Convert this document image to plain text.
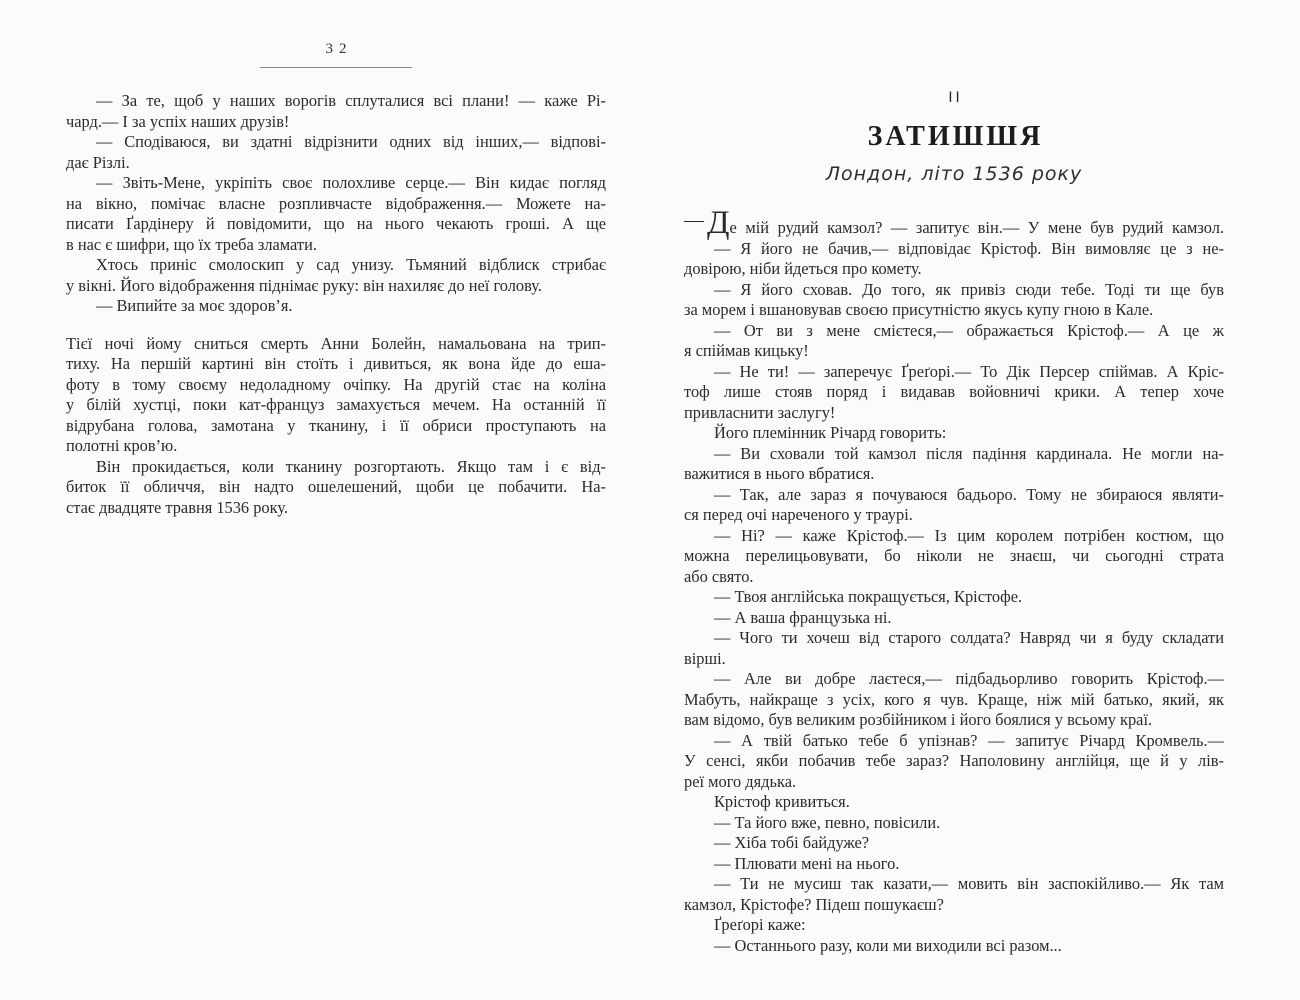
32
— За те, щоб у наших ворогів сплуталися всі плани! — каже Рі-
чард.— І за успіх наших друзів!
— Сподіваюся, ви здатні відрізнити одних від інших,— відпові-
дає Різлі.
— Звіть-Мене, укріпіть своє полохливе серце.— Він кидає погляд
на вікно, помічає власне розпливчасте відображення.— Можете на-
писати Ґардінеру й повідомити, що на нього чекають гроші. А ще
в нас є шифри, що їх треба зламати.
Хтось приніс смолоскип у сад унизу. Тьмяний відблиск стрибає
у вікні. Його відображення піднімає руку: він нахиляє до неї голову.
— Випийте за моє здоров’я.
Тієї ночі йому сниться смерть Анни Болейн, намальована на трип-
тиху. На першій картині він стоїть і дивиться, як вона йде до еша-
фоту в тому своєму недоладному очіпку. На другій стає на коліна
у білій хустці, поки кат-француз замахується мечем. На останній її
відрубана голова, замотана у тканину, і її обриси проступають на
полотні кров’ю.
Він прокидається, коли тканину розгортають. Якщо там і є від-
биток її обличчя, він надто ошелешений, щоби це побачити. На-
стає двадцяте травня 1536 року.
II
ЗАТИШШЯ
Лондон, літо 1536 року
—Де мій рудий камзол? — запитує він.— У мене був рудий камзол.
— Я його не бачив,— відповідає Крістоф. Він вимовляє це з не-
довірою, ніби йдеться про комету.
— Я його сховав. До того, як привіз сюди тебе. Тоді ти ще був
за морем і вшановував своєю присутністю якусь купу гною в Кале.
— От ви з мене смієтеся,— ображається Крістоф.— А це ж
я спіймав кицьку!
— Не ти! — заперечує Ґреґорі.— То Дік Персер спіймав. А Кріс-
тоф лише стояв поряд і видавав войовничі крики. А тепер хоче
привласнити заслугу!
Його племінник Річард говорить:
— Ви сховали той камзол після падіння кардинала. Не могли на-
важитися в нього вбратися.
— Так, але зараз я почуваюся бадьоро. Тому не збираюся являти-
ся перед очі нареченого у траурі.
— Ні? — каже Крістоф.— Із цим королем потрібен костюм, що
можна перелицьовувати, бо ніколи не знаєш, чи сьогодні страта
або свято.
— Твоя англійська покращується, Крістофе.
— А ваша французька ні.
— Чого ти хочеш від старого солдата? Навряд чи я буду складати
вірші.
— Але ви добре лаєтеся,— підбадьорливо говорить Крістоф.—
Мабуть, найкраще з усіх, кого я чув. Краще, ніж мій батько, який, як
вам відомо, був великим розбійником і його боялися у всьому краї.
— А твій батько тебе б упізнав? — запитує Річард Кромвель.—
У сенсі, якби побачив тебе зараз? Наполовину англійця, ще й у лів-
реї мого дядька.
Крістоф кривиться.
— Та його вже, певно, повісили.
— Хіба тобі байдуже?
— Плювати мені на нього.
— Ти не мусиш так казати,— мовить він заспокійливо.— Як там
камзол, Крістофе? Підеш пошукаєш?
Ґреґорі каже:
— Останнього разу, коли ми виходили всі разом...
